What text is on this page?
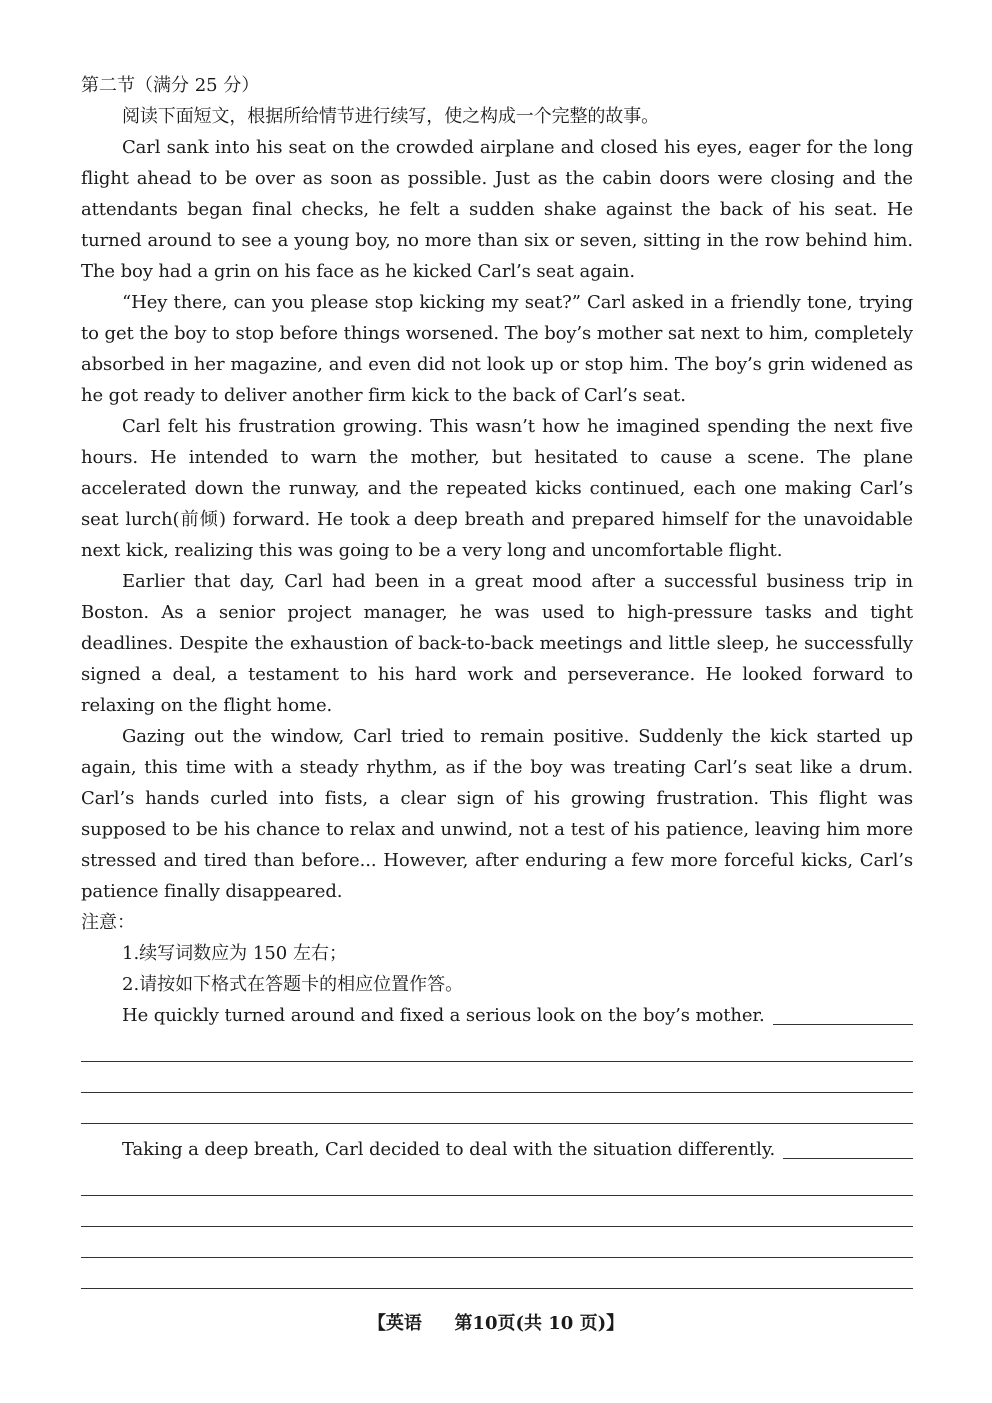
第二节（满分 25 分）

阅读下面短文，根据所给情节进行续写，使之构成一个完整的故事。

Carl sank into his seat on the crowded airplane and closed his eyes, eager for the long flight ahead to be over as soon as possible. Just as the cabin doors were closing and the attendants began final checks, he felt a sudden shake against the back of his seat. He turned around to see a young boy, no more than six or seven, sitting in the row behind him. The boy had a grin on his face as he kicked Carl’s seat again.

“Hey there, can you please stop kicking my seat?” Carl asked in a friendly tone, trying to get the boy to stop before things worsened. The boy’s mother sat next to him, completely absorbed in her magazine, and even did not look up or stop him. The boy’s grin widened as he got ready to deliver another firm kick to the back of Carl’s seat.

Carl felt his frustration growing. This wasn’t how he imagined spending the next five hours. He intended to warn the mother, but hesitated to cause a scene. The plane accelerated down the runway, and the repeated kicks continued, each one making Carl’s seat lurch(前倾) forward. He took a deep breath and prepared himself for the unavoidable next kick, realizing this was going to be a very long and uncomfortable flight.

Earlier that day, Carl had been in a great mood after a successful business trip in Boston. As a senior project manager, he was used to high-pressure tasks and tight deadlines. Despite the exhaustion of back-to-back meetings and little sleep, he successfully signed a deal, a testament to his hard work and perseverance. He looked forward to relaxing on the flight home.

Gazing out the window, Carl tried to remain positive. Suddenly the kick started up again, this time with a steady rhythm, as if the boy was treating Carl’s seat like a drum. Carl’s hands curled into fists, a clear sign of his growing frustration. This flight was supposed to be his chance to relax and unwind, not a test of his patience, leaving him more stressed and tired than before... However, after enduring a few more forceful kicks, Carl’s patience finally disappeared.

注意：

1.续写词数应为 150 左右；

2.请按如下格式在答题卡的相应位置作答。

He quickly turned around and fixed a serious look on the boy’s mother.
Taking a deep breath, Carl decided to deal with the situation differently.
【英语 第10页(共 10 页)】
